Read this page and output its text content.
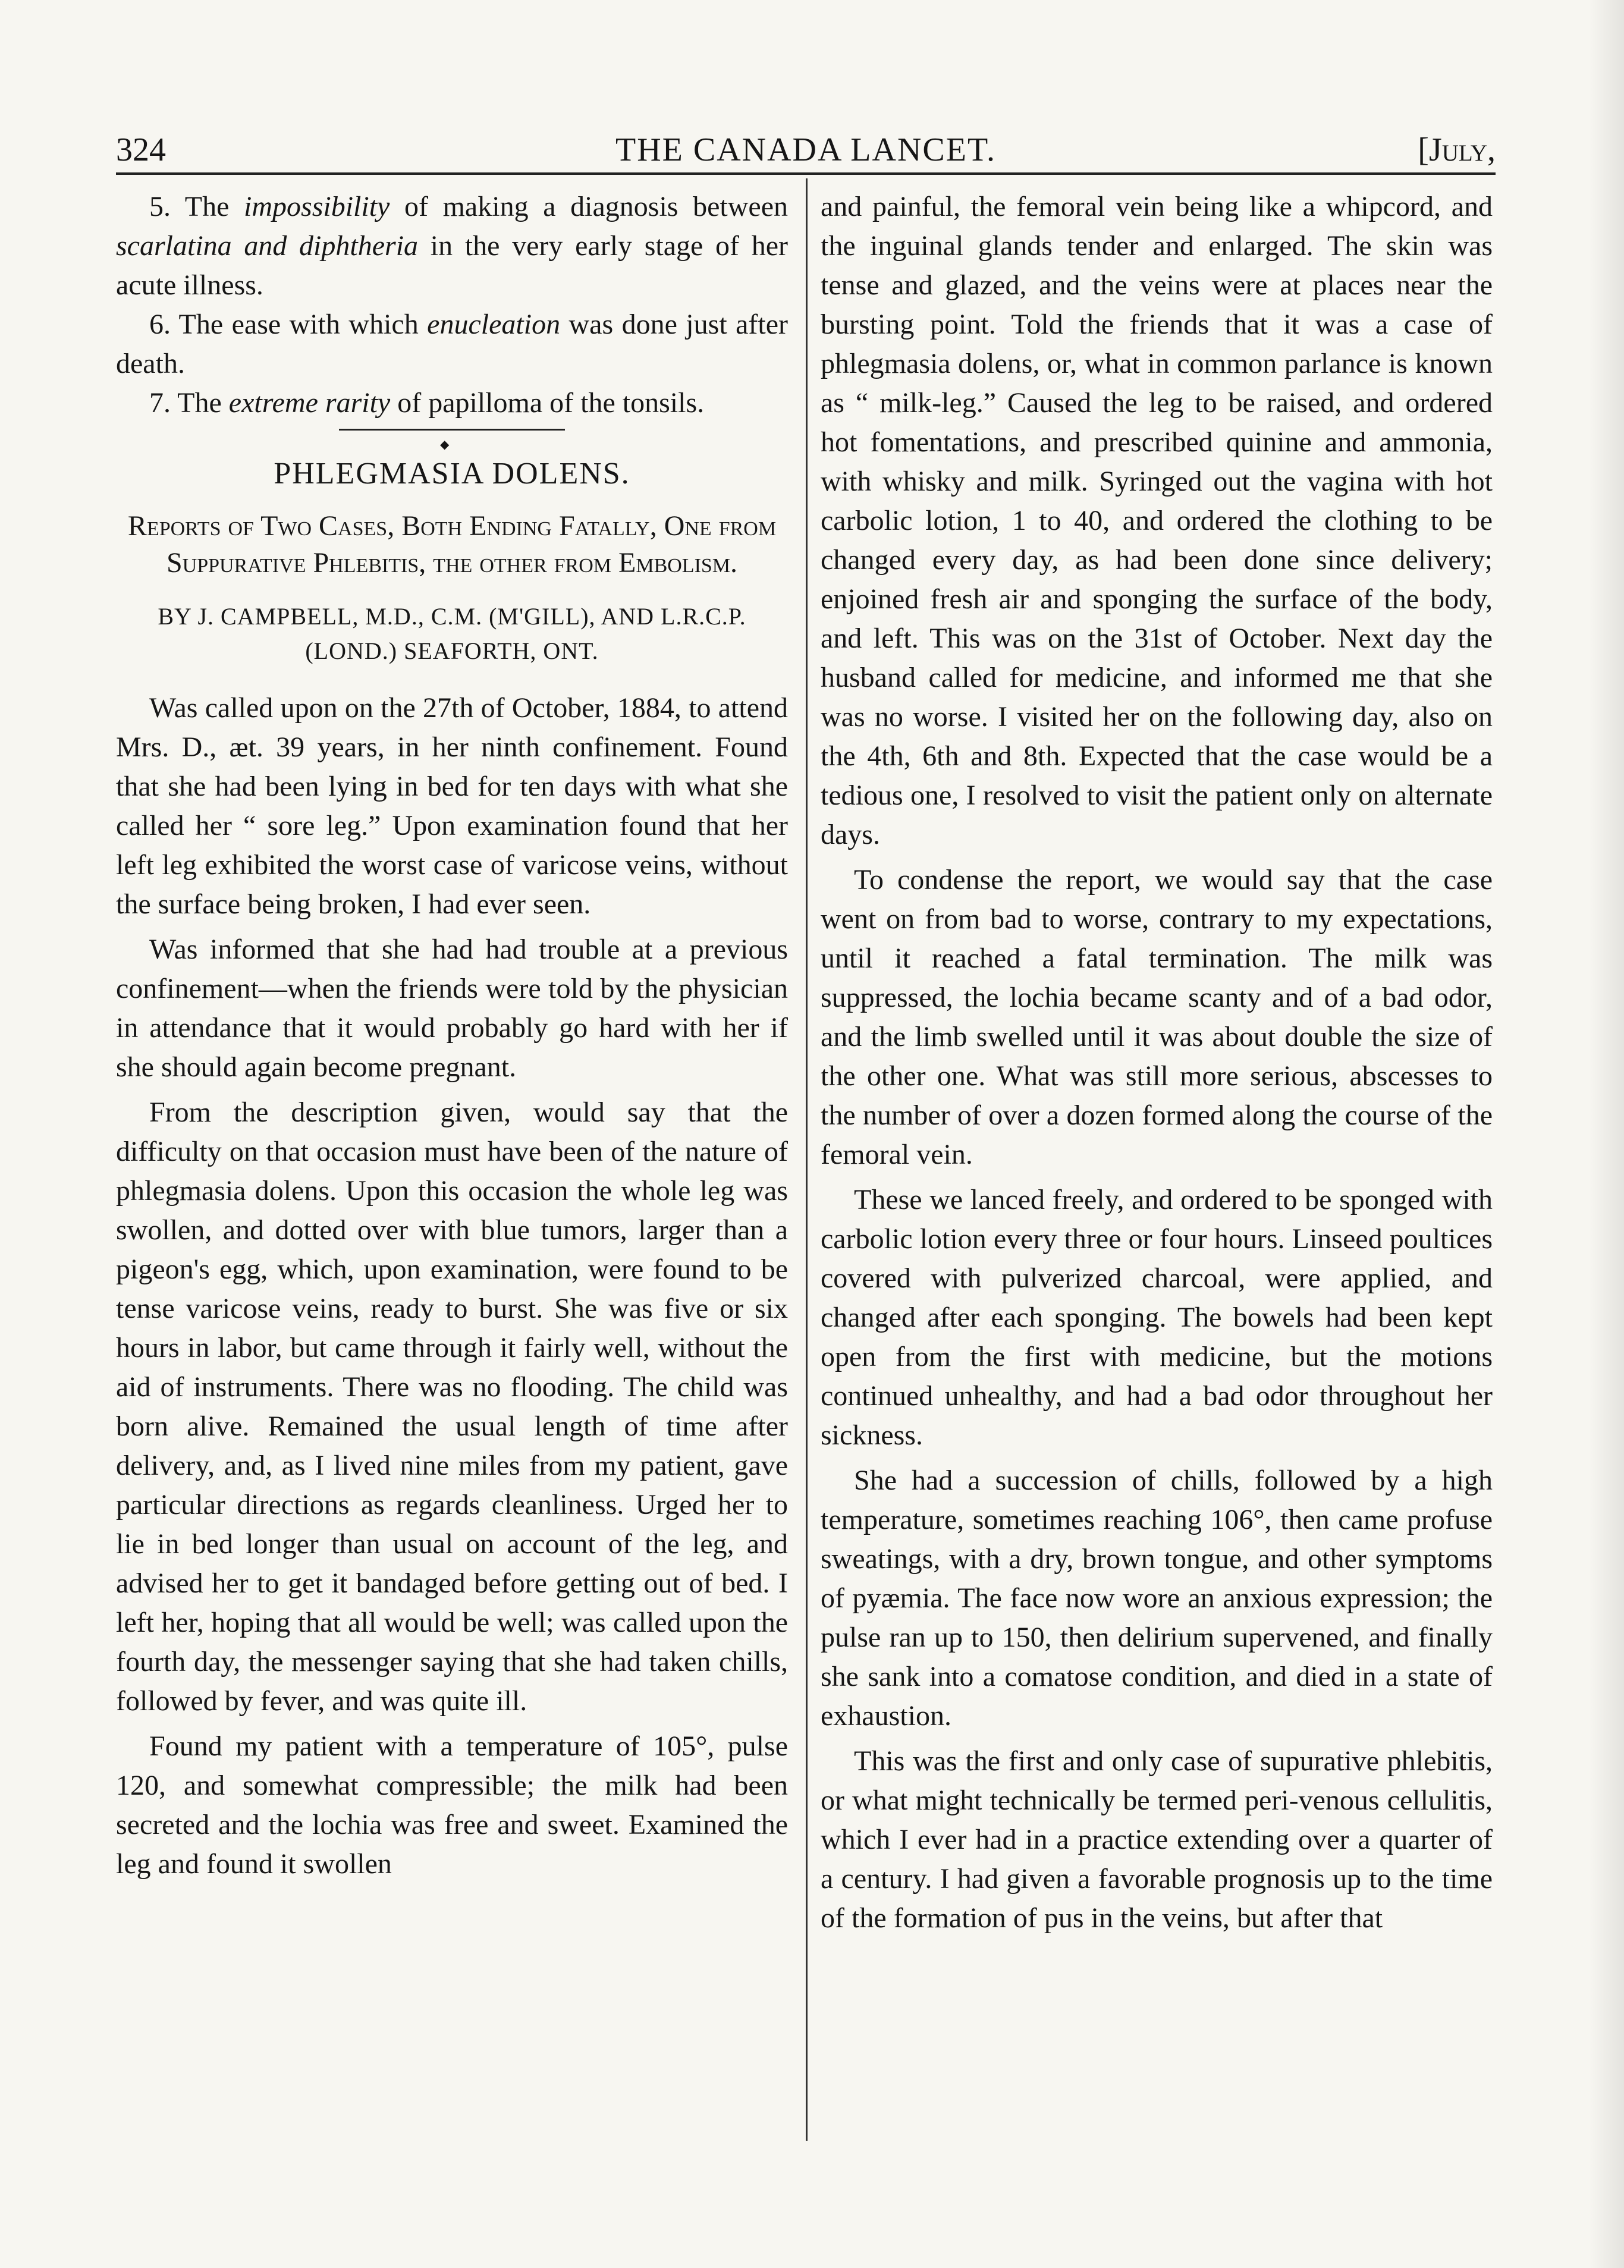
324	THE CANADA LANCET.	[July,

5. The impossibility of making a diagnosis between scarlatina and diphtheria in the very early stage of her acute illness.

6. The ease with which enucleation was done just after death.

7. The extreme rarity of papilloma of the tonsils.

◆

PHLEGMASIA DOLENS.

Reports of Two Cases, Both Ending Fatally, One from Suppurative Phlebitis, the other from Embolism.

BY J. CAMPBELL, M.D., C.M. (M'GILL), AND L.R.C.P. (LOND.) SEAFORTH, ONT.

Was called upon on the 27th of October, 1884, to attend Mrs. D., æt. 39 years, in her ninth confinement. Found that she had been lying in bed for ten days with what she called her “ sore leg.” Upon examination found that her left leg exhibited the worst case of varicose veins, without the surface being broken, I had ever seen.

Was informed that she had had trouble at a previous confinement—when the friends were told by the physician in attendance that it would probably go hard with her if she should again become pregnant.

From the description given, would say that the difficulty on that occasion must have been of the nature of phlegmasia dolens. Upon this occasion the whole leg was swollen, and dotted over with blue tumors, larger than a pigeon's egg, which, upon examination, were found to be tense varicose veins, ready to burst. She was five or six hours in labor, but came through it fairly well, without the aid of instruments. There was no flooding. The child was born alive. Remained the usual length of time after delivery, and, as I lived nine miles from my patient, gave particular directions as regards cleanliness. Urged her to lie in bed longer than usual on account of the leg, and advised her to get it bandaged before getting out of bed. I left her, hoping that all would be well; was called upon the fourth day, the messenger saying that she had taken chills, followed by fever, and was quite ill.

Found my patient with a temperature of 105°, pulse 120, and somewhat compressible; the milk had been secreted and the lochia was free and sweet. Examined the leg and found it swollen

and painful, the femoral vein being like a whipcord, and the inguinal glands tender and enlarged. The skin was tense and glazed, and the veins were at places near the bursting point. Told the friends that it was a case of phlegmasia dolens, or, what in common parlance is known as “ milk-leg.” Caused the leg to be raised, and ordered hot fomentations, and prescribed quinine and ammonia, with whisky and milk. Syringed out the vagina with hot carbolic lotion, 1 to 40, and ordered the clothing to be changed every day, as had been done since delivery; enjoined fresh air and sponging the surface of the body, and left. This was on the 31st of October. Next day the husband called for medicine, and informed me that she was no worse. I visited her on the following day, also on the 4th, 6th and 8th. Expected that the case would be a tedious one, I resolved to visit the patient only on alternate days.

To condense the report, we would say that the case went on from bad to worse, contrary to my expectations, until it reached a fatal termination. The milk was suppressed, the lochia became scanty and of a bad odor, and the limb swelled until it was about double the size of the other one. What was still more serious, abscesses to the number of over a dozen formed along the course of the femoral vein.

These we lanced freely, and ordered to be sponged with carbolic lotion every three or four hours. Linseed poultices covered with pulverized charcoal, were applied, and changed after each sponging. The bowels had been kept open from the first with medicine, but the motions continued unhealthy, and had a bad odor throughout her sickness.

She had a succession of chills, followed by a high temperature, sometimes reaching 106°, then came profuse sweatings, with a dry, brown tongue, and other symptoms of pyæmia. The face now wore an anxious expression; the pulse ran up to 150, then delirium supervened, and finally she sank into a comatose condition, and died in a state of exhaustion.

This was the first and only case of supurative phlebitis, or what might technically be termed peri-venous cellulitis, which I ever had in a practice extending over a quarter of a century. I had given a favorable prognosis up to the time of the formation of pus in the veins, but after that
